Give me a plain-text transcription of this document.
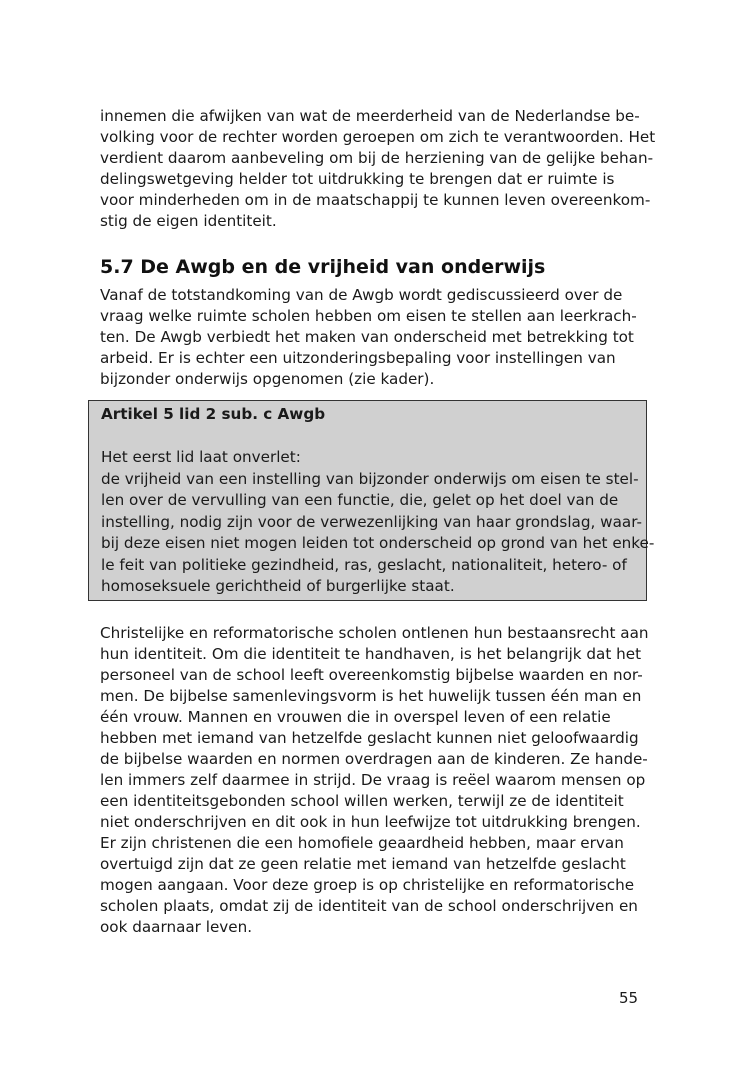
innemen die afwijken van wat de meerderheid van de Nederlandse be-
volking voor de rechter worden geroepen om zich te verantwoorden. Het
verdient daarom aanbeveling om bij de herziening van de gelijke behan-
delingswetgeving helder tot uitdrukking te brengen dat er ruimte is
voor minderheden om in de maatschappij te kunnen leven overeenkom-
stig de eigen identiteit.

5.7 De Awgb en de vrijheid van onderwijs

Vanaf de totstandkoming van de Awgb wordt gediscussieerd over de
vraag welke ruimte scholen hebben om eisen te stellen aan leerkrach-
ten. De Awgb verbiedt het maken van onderscheid met betrekking tot
arbeid. Er is echter een uitzonderingsbepaling voor instellingen van
bijzonder onderwijs opgenomen (zie kader).

Artikel 5 lid 2 sub. c Awgb
Het eerst lid laat onverlet:
de vrijheid van een instelling van bijzonder onderwijs om eisen te stel-
len over de vervulling van een functie, die, gelet op het doel van de
instelling, nodig zijn voor de verwezenlijking van haar grondslag, waar-
bij deze eisen niet mogen leiden tot onderscheid op grond van het enke-
le feit van politieke gezindheid, ras, geslacht, nationaliteit, hetero- of
homoseksuele gerichtheid of burgerlijke staat.

Christelijke en reformatorische scholen ontlenen hun bestaansrecht aan
hun identiteit. Om die identiteit te handhaven, is het belangrijk dat het
personeel van de school leeft overeenkomstig bijbelse waarden en nor-
men. De bijbelse samenlevingsvorm is het huwelijk tussen één man en
één vrouw. Mannen en vrouwen die in overspel leven of een relatie
hebben met iemand van hetzelfde geslacht kunnen niet geloofwaardig
de bijbelse waarden en normen overdragen aan de kinderen. Ze hande-
len immers zelf daarmee in strijd. De vraag is reëel waarom mensen op
een identiteitsgebonden school willen werken, terwijl ze de identiteit
niet onderschrijven en dit ook in hun leefwijze tot uitdrukking brengen.
Er zijn christenen die een homofiele geaardheid hebben, maar ervan
overtuigd zijn dat ze geen relatie met iemand van hetzelfde geslacht
mogen aangaan. Voor deze groep is op christelijke en reformatorische
scholen plaats, omdat zij de identiteit van de school onderschrijven en
ook daarnaar leven.

55
